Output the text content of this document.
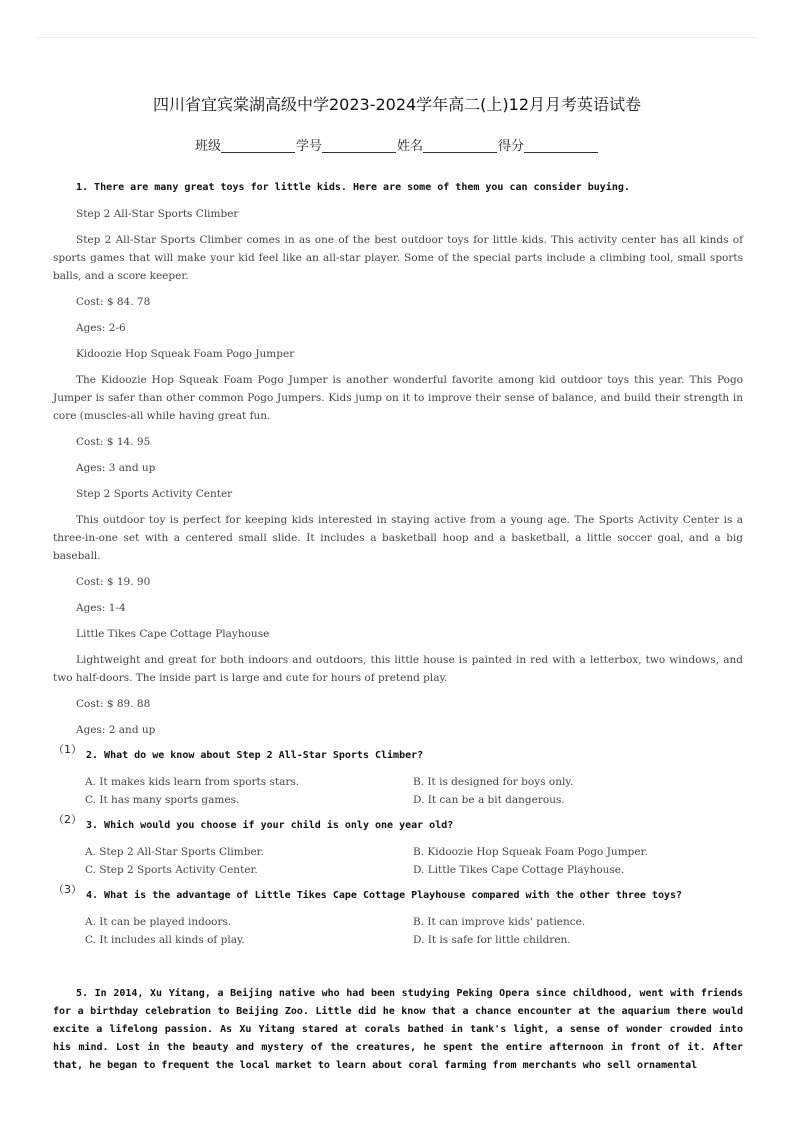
四川省宜宾棠湖高级中学2023-2024学年高二(上)12月月考英语试卷
班级	学号	姓名	得分

1. There are many great toys for little kids. Here are some of them you can consider buying.

Step 2 All-Star Sports Climber

Step 2 All-Star Sports Climber comes in as one of the best outdoor toys for little kids. This activity center has all kinds of sports games that will make your kid feel like an all-star player. Some of the special parts include a climbing tool, small sports balls, and a score keeper.

Cost: $ 84. 78

Ages: 2-6

Kidoozie Hop Squeak Foam Pogo Jumper

The Kidoozie Hop Squeak Foam Pogo Jumper is another wonderful favorite among kid outdoor toys this year. This Pogo Jumper is safer than other common Pogo Jumpers. Kids jump on it to improve their sense of balance, and build their strength in core (muscles-all while having great fun.

Cost: $ 14. 95

Ages: 3 and up

Step 2 Sports Activity Center

This outdoor toy is perfect for keeping kids interested in staying active from a young age. The Sports Activity Center is a three-in-one set with a centered small slide. It includes a basketball hoop and a basketball, a little soccer goal, and a big baseball.

Cost: $ 19. 90

Ages: 1-4

Little Tikes Cape Cottage Playhouse

Lightweight and great for both indoors and outdoors, this little house is painted in red with a letterbox, two windows, and two half-doors. The inside part is large and cute for hours of pretend play.

Cost: $ 89. 88

Ages: 2 and up

（1） 2. What do we know about Step 2 All-Star Sports Climber?

A. It makes kids learn from sports stars.	B. It is designed for boys only.
C. It has many sports games.	D. It can be a bit dangerous.
（2） 3. Which would you choose if your child is only one year old?

A. Step 2 All-Star Sports Climber.	B. Kidoozie Hop Squeak Foam Pogo Jumper.
C. Step 2 Sports Activity Center.	D. Little Tikes Cape Cottage Playhouse.
（3） 4. What is the advantage of Little Tikes Cape Cottage Playhouse compared with the other three toys?

A. It can be played indoors.	B. It can improve kids' patience.
C. It includes all kinds of play.	D. It is safe for little children.

5. In 2014, Xu Yitang, a Beijing native who had been studying Peking Opera since childhood, went with friends for a birthday celebration to Beijing Zoo. Little did he know that a chance encounter at the aquarium there would excite a lifelong passion. As Xu Yitang stared at corals bathed in tank's light, a sense of wonder crowded into his mind. Lost in the beauty and mystery of the creatures, he spent the entire afternoon in front of it. After that, he began to frequent the local market to learn about coral farming from merchants who sell ornamental
